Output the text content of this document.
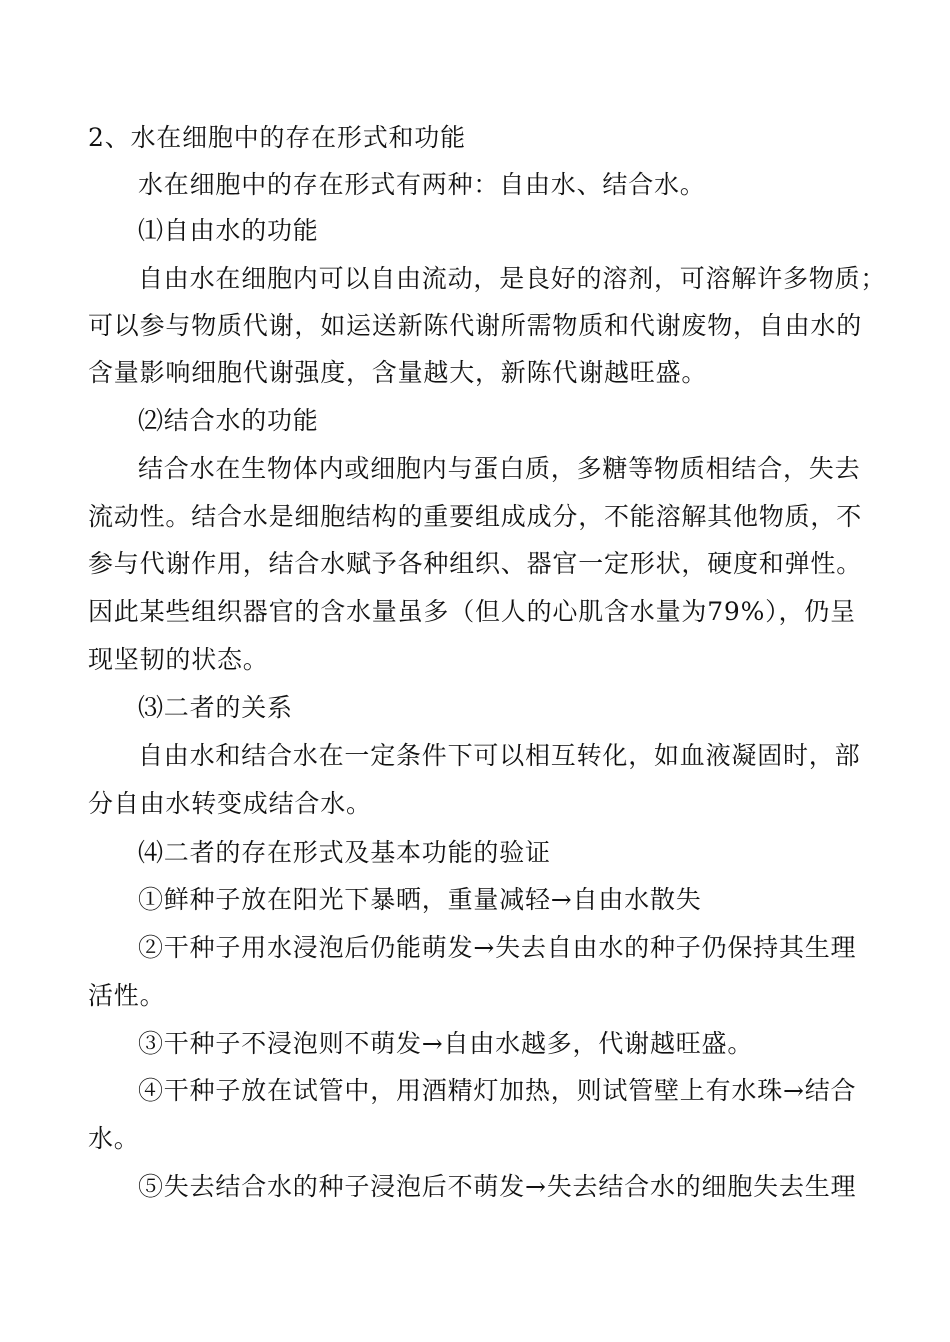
2、水在细胞中的存在形式和功能
水在细胞中的存在形式有两种：自由水、结合水。
⑴自由水的功能
自由水在细胞内可以自由流动，是良好的溶剂，可溶解许多物质；
可以参与物质代谢，如运送新陈代谢所需物质和代谢废物，自由水的
含量影响细胞代谢强度，含量越大，新陈代谢越旺盛。
⑵结合水的功能
结合水在生物体内或细胞内与蛋白质，多糖等物质相结合，失去
流动性。结合水是细胞结构的重要组成成分，不能溶解其他物质，不
参与代谢作用，结合水赋予各种组织、器官一定形状，硬度和弹性。
因此某些组织器官的含水量虽多（但人的心肌含水量为79%），仍呈
现坚韧的状态。
⑶二者的关系
自由水和结合水在一定条件下可以相互转化，如血液凝固时，部
分自由水转变成结合水。
⑷二者的存在形式及基本功能的验证
①鲜种子放在阳光下暴晒，重量减轻→自由水散失
②干种子用水浸泡后仍能萌发→失去自由水的种子仍保持其生理
活性。
③干种子不浸泡则不萌发→自由水越多，代谢越旺盛。
④干种子放在试管中，用酒精灯加热，则试管壁上有水珠→结合
水。
⑤失去结合水的种子浸泡后不萌发→失去结合水的细胞失去生理
